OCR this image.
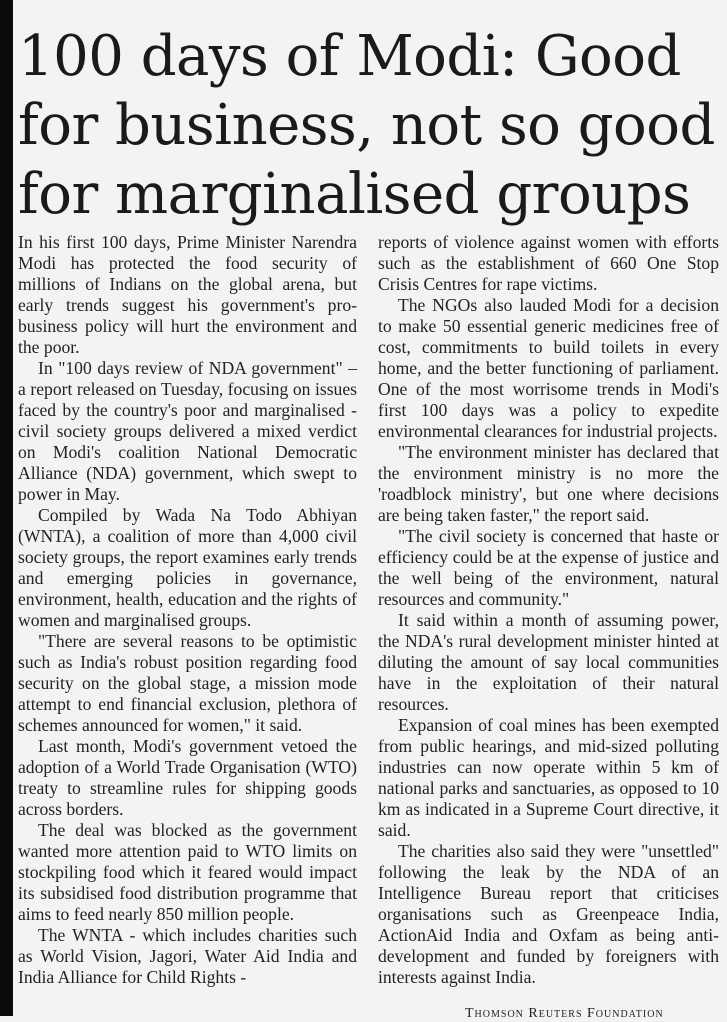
100 days of Modi: Good for business, not so good for marginalised groups

In his first 100 days, Prime Minister Narendra Modi has protected the food security of millions of Indians on the global arena, but early trends suggest his government's pro-business policy will hurt the environment and the poor.

In "100 days review of NDA government" – a report released on Tuesday, focusing on issues faced by the country's poor and marginalised - civil society groups delivered a mixed verdict on Modi's coalition National Democratic Alliance (NDA) government, which swept to power in May.

Compiled by Wada Na Todo Abhiyan (WNTA), a coalition of more than 4,000 civil society groups, the report examines early trends and emerging policies in governance, environment, health, education and the rights of women and marginalised groups.

"There are several reasons to be optimistic such as India's robust position regarding food security on the global stage, a mission mode attempt to end financial exclusion, plethora of schemes announced for women," it said.

Last month, Modi's government vetoed the adoption of a World Trade Organisation (WTO) treaty to streamline rules for shipping goods across borders.

The deal was blocked as the government wanted more attention paid to WTO limits on stockpiling food which it feared would impact its subsidised food distribution programme that aims to feed nearly 850 million people.

The WNTA - which includes charities such as World Vision, Jagori, Water Aid India and India Alliance for Child Rights -

reports of violence against women with efforts such as the establishment of 660 One Stop Crisis Centres for rape victims.

The NGOs also lauded Modi for a decision to make 50 essential generic medicines free of cost, commitments to build toilets in every home, and the better functioning of parliament. One of the most worrisome trends in Modi's first 100 days was a policy to expedite environmental clearances for industrial projects.

"The environment minister has declared that the environment ministry is no more the 'roadblock ministry', but one where decisions are being taken faster," the report said.

"The civil society is concerned that haste or efficiency could be at the expense of justice and the well being of the environment, natural resources and community."

It said within a month of assuming power, the NDA's rural development minister hinted at diluting the amount of say local communities have in the exploitation of their natural resources.

Expansion of coal mines has been exempted from public hearings, and mid-sized polluting industries can now operate within 5 km of national parks and sanctuaries, as opposed to 10 km as indicated in a Supreme Court directive, it said.

The charities also said they were "unsettled" following the leak by the NDA of an Intelligence Bureau report that criticises organisations such as Greenpeace India, ActionAid India and Oxfam as being anti-development and funded by foreigners with interests against India.

Thomson Reuters Foundation
